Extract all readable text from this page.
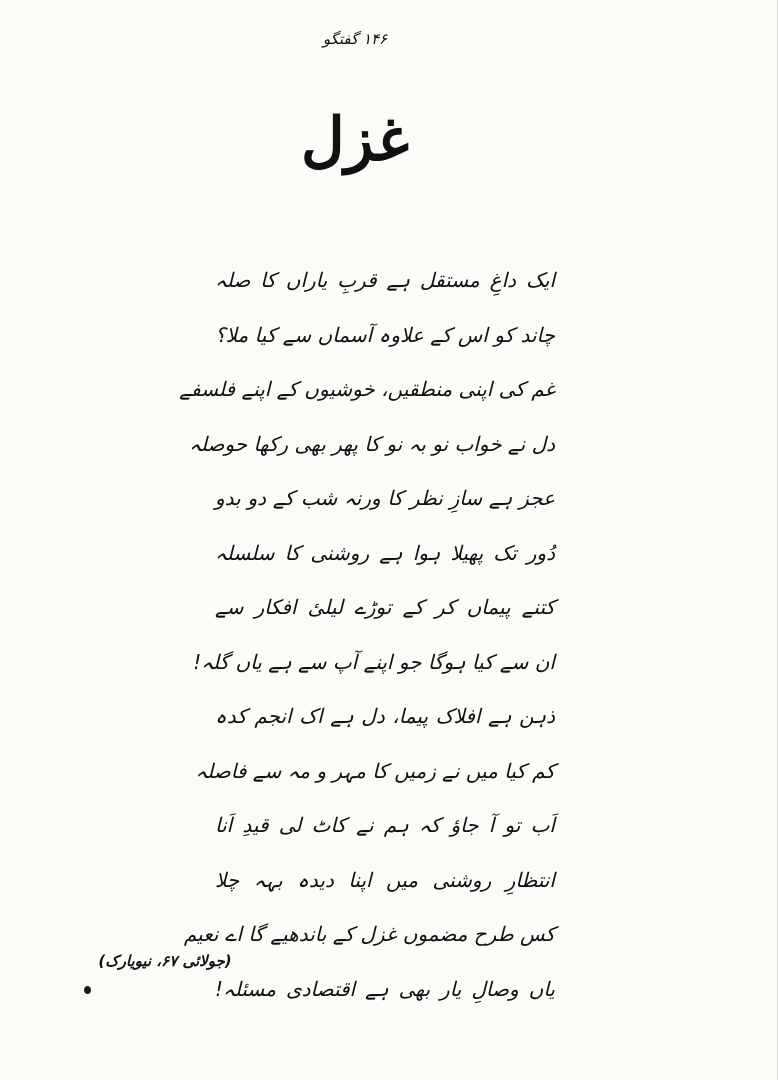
۱۴۶ گفتگو
غزل
ایک داغِ مستقل ہے قربِ یاراں کا صلہ
چاند کو اس کے علاوہ آسماں سے کیا ملا؟
غم کی اپنی منطقیں، خوشیوں کے اپنے فلسفے
دل نے خواب نو بہ نو کا پھر بھی رکھا حوصلہ
عجز ہے سازِ نظر کا ورنہ شب کے دو بدو
دُور تک پھیلا ہوا ہے روشنی کا سلسلہ
کتنے پیماں کر کے توڑے لیلیٔ افکار سے
ان سے کیا ہوگا جو اپنے آپ سے ہے یاں گلہ!
ذہن ہے افلاک پیما، دل ہے اک انجم کدہ
کم کیا میں نے زمیں کا مہر و مہ سے فاصلہ
اَب تو آ جاؤ کہ ہم نے کاٹ لی قیدِ اَنا
انتظارِ روشنی میں اپنا دیدہ بہہ چلا
کس طرح مضموں غزل کے باندھیے گا اے نعیم
یاں وصالِ یار بھی ہے اقتصادی مسئلہ!
(جولائی ۶۷، نیویارک)
